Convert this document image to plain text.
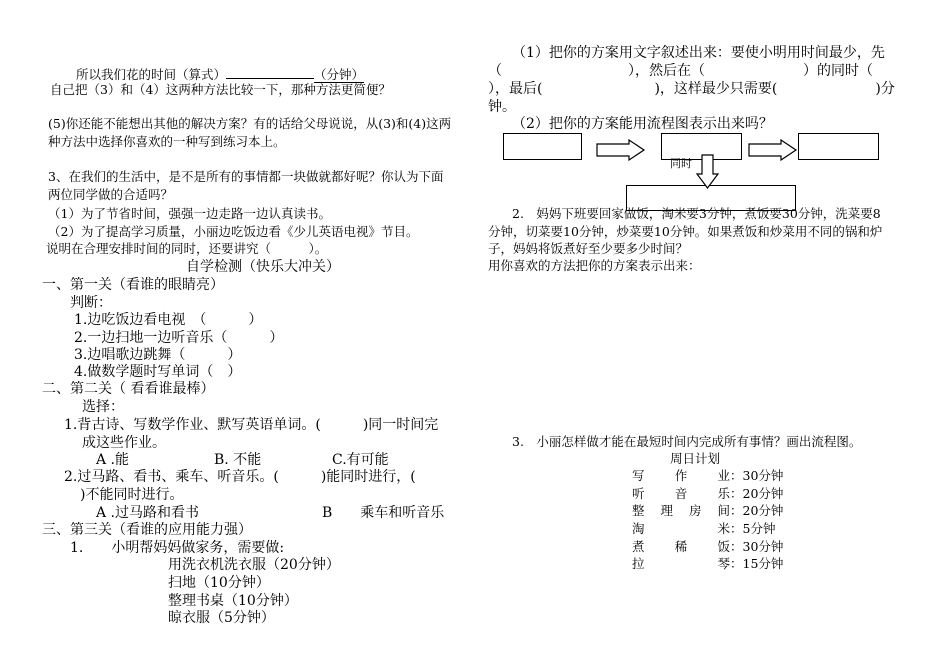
所以我们花的时间（算式）	（分钟）
自己把（3）和（4）这两种方法比较一下，那种方法更简便？
(5)你还能不能想出其他的解决方案？有的话给父母说说，从(3)和(4)这两
种方法中选择你喜欢的一种写到练习本上。
3、在我们的生活中，是不是所有的事情都一块做就都好呢？你认为下面
两位同学做的合适吗？
（1）为了节省时间，强强一边走路一边认真读书。
（2）为了提高学习质量，小丽边吃饭边看《少儿英语电视》节目。
说明在合理安排时间的同时，还要讲究（　　　）。
自学检测（快乐大冲关）
一、第一关（看谁的眼睛亮）
判断：
1.边吃饭边看电视　（　　　）
2.一边扫地一边听音乐（　　　）
3.边唱歌边跳舞（　　　）
4.做数学题时写单词（　）
二、第二关（ 看看谁最棒）
选择：
1.背古诗、写数学作业、默写英语单词。(　　　)同一时间完
成这些作业。
A .能	B. 不能	C.有可能
2.过马路、看书、乘车、听音乐。(　　　)能同时进行，(
)不能同时进行。
A .过马路和看书	B　　乘车和听音乐
三、第三关（看谁的应用能力强）
1.　　小明帮妈妈做家务，需要做:
用洗衣机洗衣服（20分钟）
扫地（10分钟）
整理书桌（10分钟）
晾衣服（5分钟）
（1）把你的方案用文字叙述出来：要使小明用时间最少，先
（　　　　　　　　　），然后在（　　　　　　　）的同时（
），最后(　　　　　　　　)，这样最少只需要(　　　　　　　)分
钟。
（2）把你的方案能用流程图表示出来吗？
同时
2.　妈妈下班要回家做饭，淘米要3分钟，煮饭要30分钟，洗菜要8
分钟，切菜要10分钟，炒菜要10分钟。如果煮饭和炒菜用不同的锅和炉
子，妈妈将饭煮好至少要多少时间？
用你喜欢的方法把你的方案表示出来：
3.　小丽怎样做才能在最短时间内完成所有事情？画出流程图。
周日计划
写　作　业：30分钟
听　音　乐：20分钟
整理房间：20分钟
淘　　米：5分钟
煮　稀　饭：30分钟
拉　　琴：15分钟
